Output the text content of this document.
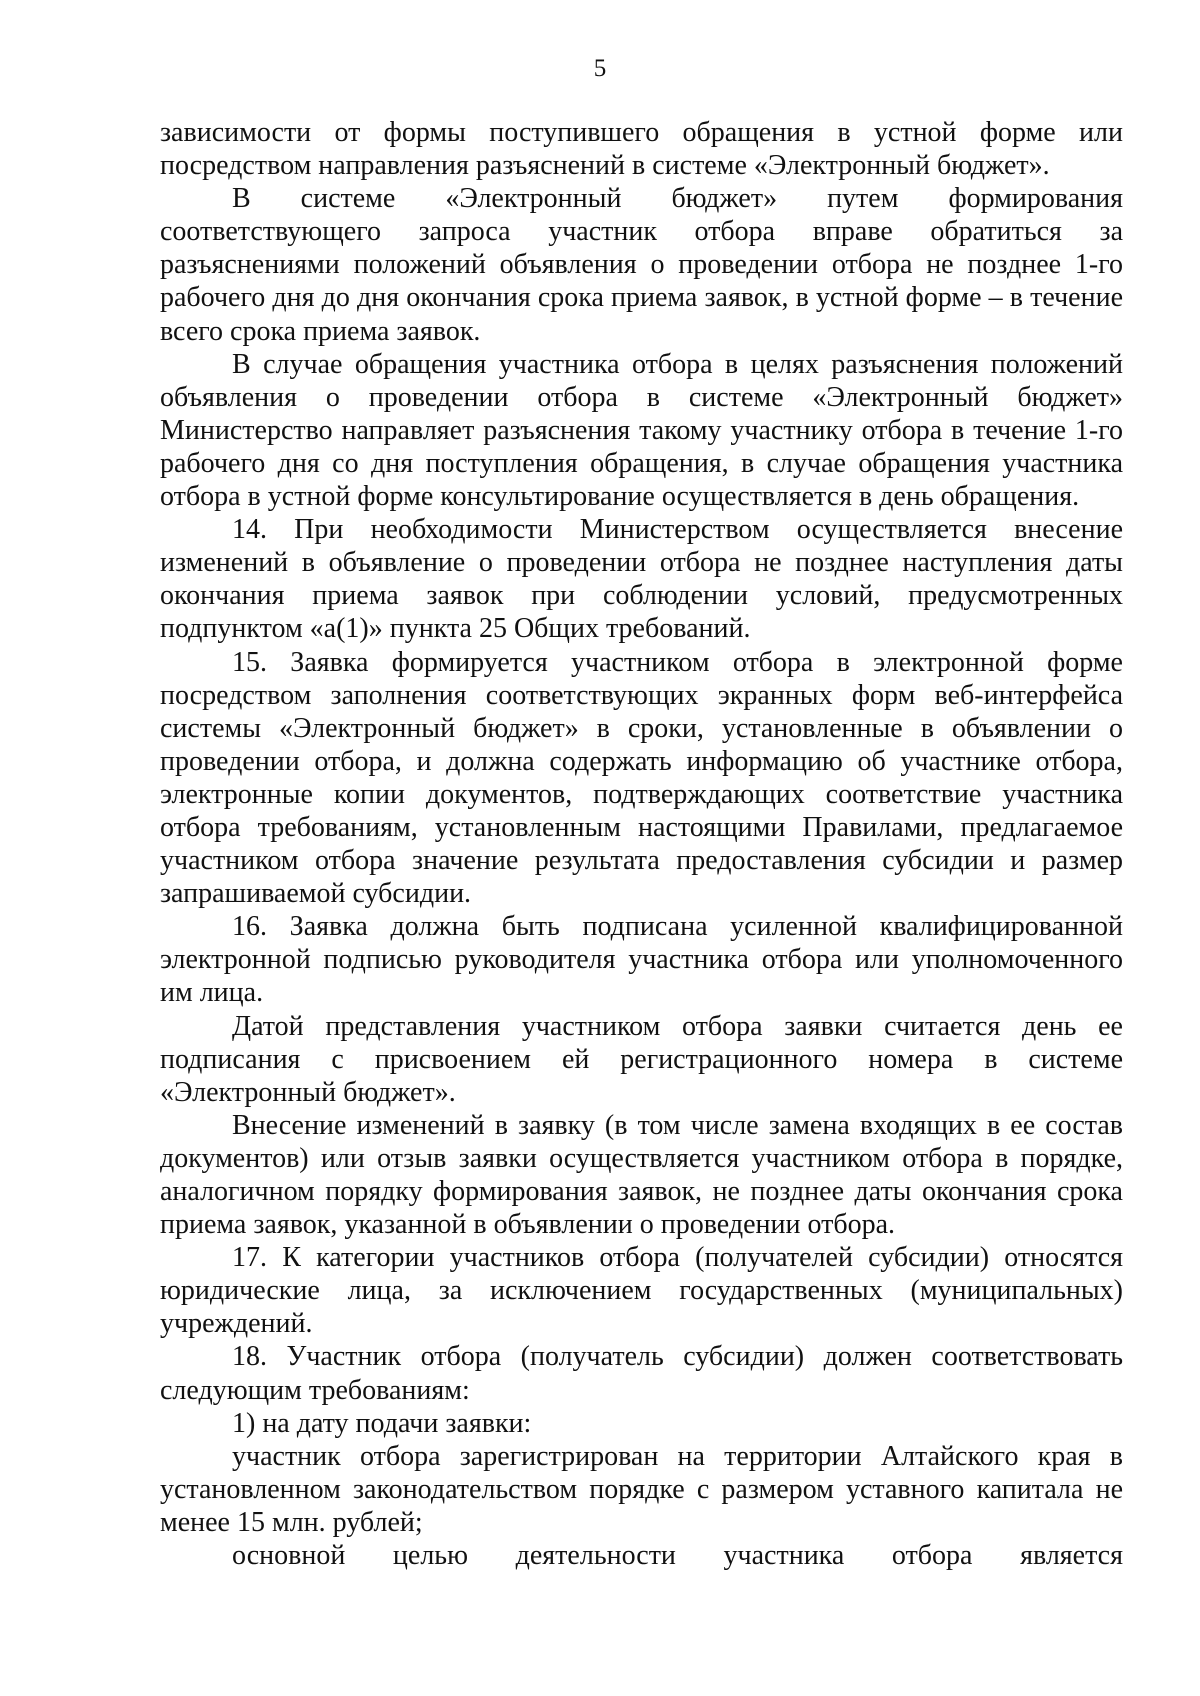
5

зависимости от формы поступившего обращения в устной форме или посредством направления разъяснений в системе «Электронный бюджет».

В системе «Электронный бюджет» путем формирования соответствующего запроса участник отбора вправе обратиться за разъяснениями положений объявления о проведении отбора не позднее 1-го рабочего дня до дня окончания срока приема заявок, в устной форме – в течение всего срока приема заявок.

В случае обращения участника отбора в целях разъяснения положений объявления о проведении отбора в системе «Электронный бюджет» Министерство направляет разъяснения такому участнику отбора в течение 1-го рабочего дня со дня поступления обращения, в случае обращения участника отбора в устной форме консультирование осуществляется в день обращения.

14. При необходимости Министерством осуществляется внесение изменений в объявление о проведении отбора не позднее наступления даты окончания приема заявок при соблюдении условий, предусмотренных подпунктом «а(1)» пункта 25 Общих требований.

15. Заявка формируется участником отбора в электронной форме посредством заполнения соответствующих экранных форм веб-интерфейса системы «Электронный бюджет» в сроки, установленные в объявлении о проведении отбора, и должна содержать информацию об участнике отбора, электронные копии документов, подтверждающих соответствие участника отбора требованиям, установленным настоящими Правилами, предлагаемое участником отбора значение результата предоставления субсидии и размер запрашиваемой субсидии.

16. Заявка должна быть подписана усиленной квалифицированной электронной подписью руководителя участника отбора или уполномоченного им лица.

Датой представления участником отбора заявки считается день ее подписания с присвоением ей регистрационного номера в системе «Электронный бюджет».

Внесение изменений в заявку (в том числе замена входящих в ее состав документов) или отзыв заявки осуществляется участником отбора в порядке, аналогичном порядку формирования заявок, не позднее даты окончания срока приема заявок, указанной в объявлении о проведении отбора.

17. К категории участников отбора (получателей субсидии) относятся юридические лица, за исключением государственных (муниципальных) учреждений.

18. Участник отбора (получатель субсидии) должен соответствовать следующим требованиям:

1) на дату подачи заявки:

участник отбора зарегистрирован на территории Алтайского края в установленном законодательством порядке с размером уставного капитала не менее 15 млн. рублей;

основной целью деятельности участника отбора является
